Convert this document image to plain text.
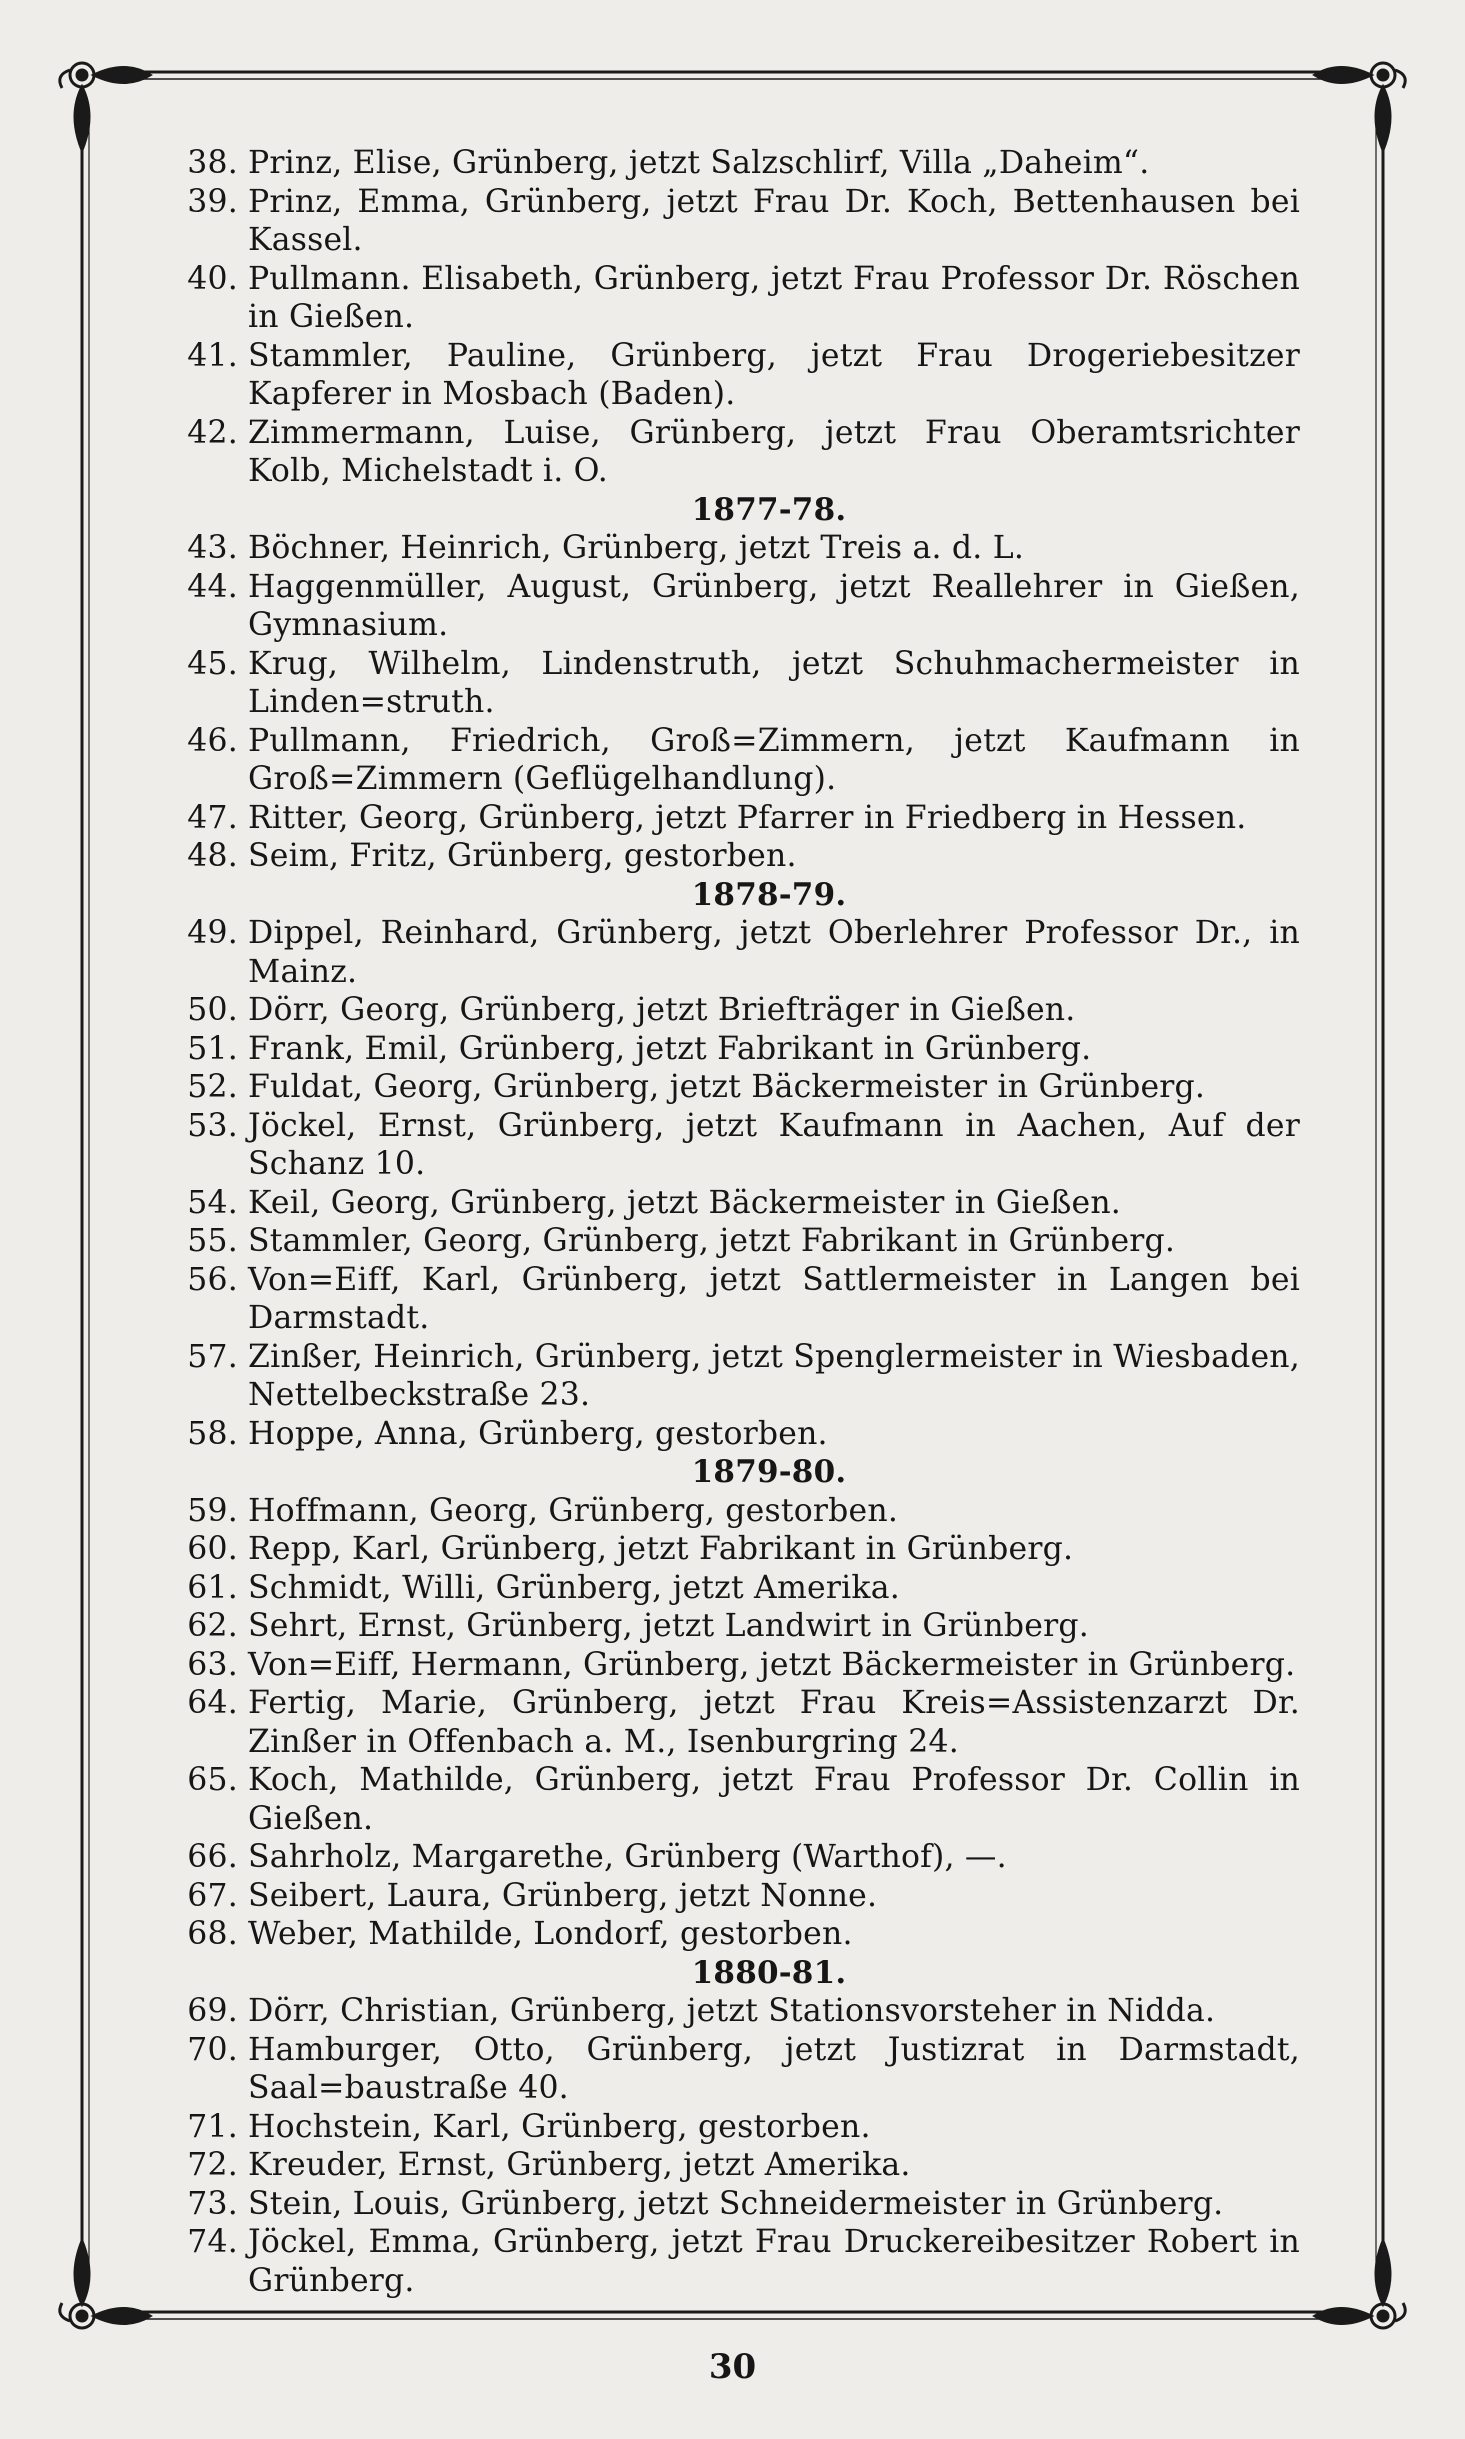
38. Prinz, Elise, Grünberg, jetzt Salzschlirf, Villa „Daheim“.
39. Prinz, Emma, Grünberg, jetzt Frau Dr. Koch, Bettenhausen bei Kassel.
40. Pullmann. Elisabeth, Grünberg, jetzt Frau Professor Dr. Röschen in Gießen.
41. Stammler, Pauline, Grünberg, jetzt Frau Drogeriebesitzer Kapferer in Mosbach (Baden).
42. Zimmermann, Luise, Grünberg, jetzt Frau Oberamtsrichter Kolb, Michelstadt i. O.
1877-78.
43. Böchner, Heinrich, Grünberg, jetzt Treis a. d. L.
44. Haggenmüller, August, Grünberg, jetzt Reallehrer in Gießen, Gymnasium.
45. Krug, Wilhelm, Lindenstruth, jetzt Schuhmachermeister in Linden=struth.
46. Pullmann, Friedrich, Groß=Zimmern, jetzt Kaufmann in Groß=Zimmern (Geflügelhandlung).
47. Ritter, Georg, Grünberg, jetzt Pfarrer in Friedberg in Hessen.
48. Seim, Fritz, Grünberg, gestorben.
1878-79.
49. Dippel, Reinhard, Grünberg, jetzt Oberlehrer Professor Dr., in Mainz.
50. Dörr, Georg, Grünberg, jetzt Briefträger in Gießen.
51. Frank, Emil, Grünberg, jetzt Fabrikant in Grünberg.
52. Fuldat, Georg, Grünberg, jetzt Bäckermeister in Grünberg.
53. Jöckel, Ernst, Grünberg, jetzt Kaufmann in Aachen, Auf der Schanz 10.
54. Keil, Georg, Grünberg, jetzt Bäckermeister in Gießen.
55. Stammler, Georg, Grünberg, jetzt Fabrikant in Grünberg.
56. Von=Eiff, Karl, Grünberg, jetzt Sattlermeister in Langen bei Darmstadt.
57. Zinßer, Heinrich, Grünberg, jetzt Spenglermeister in Wiesbaden, Nettelbeckstraße 23.
58. Hoppe, Anna, Grünberg, gestorben.
1879-80.
59. Hoffmann, Georg, Grünberg, gestorben.
60. Repp, Karl, Grünberg, jetzt Fabrikant in Grünberg.
61. Schmidt, Willi, Grünberg, jetzt Amerika.
62. Sehrt, Ernst, Grünberg, jetzt Landwirt in Grünberg.
63. Von=Eiff, Hermann, Grünberg, jetzt Bäckermeister in Grünberg.
64. Fertig, Marie, Grünberg, jetzt Frau Kreis=Assistenzarzt Dr. Zinßer in Offenbach a. M., Isenburgring 24.
65. Koch, Mathilde, Grünberg, jetzt Frau Professor Dr. Collin in Gießen.
66. Sahrholz, Margarethe, Grünberg (Warthof), —.
67. Seibert, Laura, Grünberg, jetzt Nonne.
68. Weber, Mathilde, Londorf, gestorben.
1880-81.
69. Dörr, Christian, Grünberg, jetzt Stationsvorsteher in Nidda.
70. Hamburger, Otto, Grünberg, jetzt Justizrat in Darmstadt, Saal=baustraße 40.
71. Hochstein, Karl, Grünberg, gestorben.
72. Kreuder, Ernst, Grünberg, jetzt Amerika.
73. Stein, Louis, Grünberg, jetzt Schneidermeister in Grünberg.
74. Jöckel, Emma, Grünberg, jetzt Frau Druckereibesitzer Robert in Grünberg.
30
